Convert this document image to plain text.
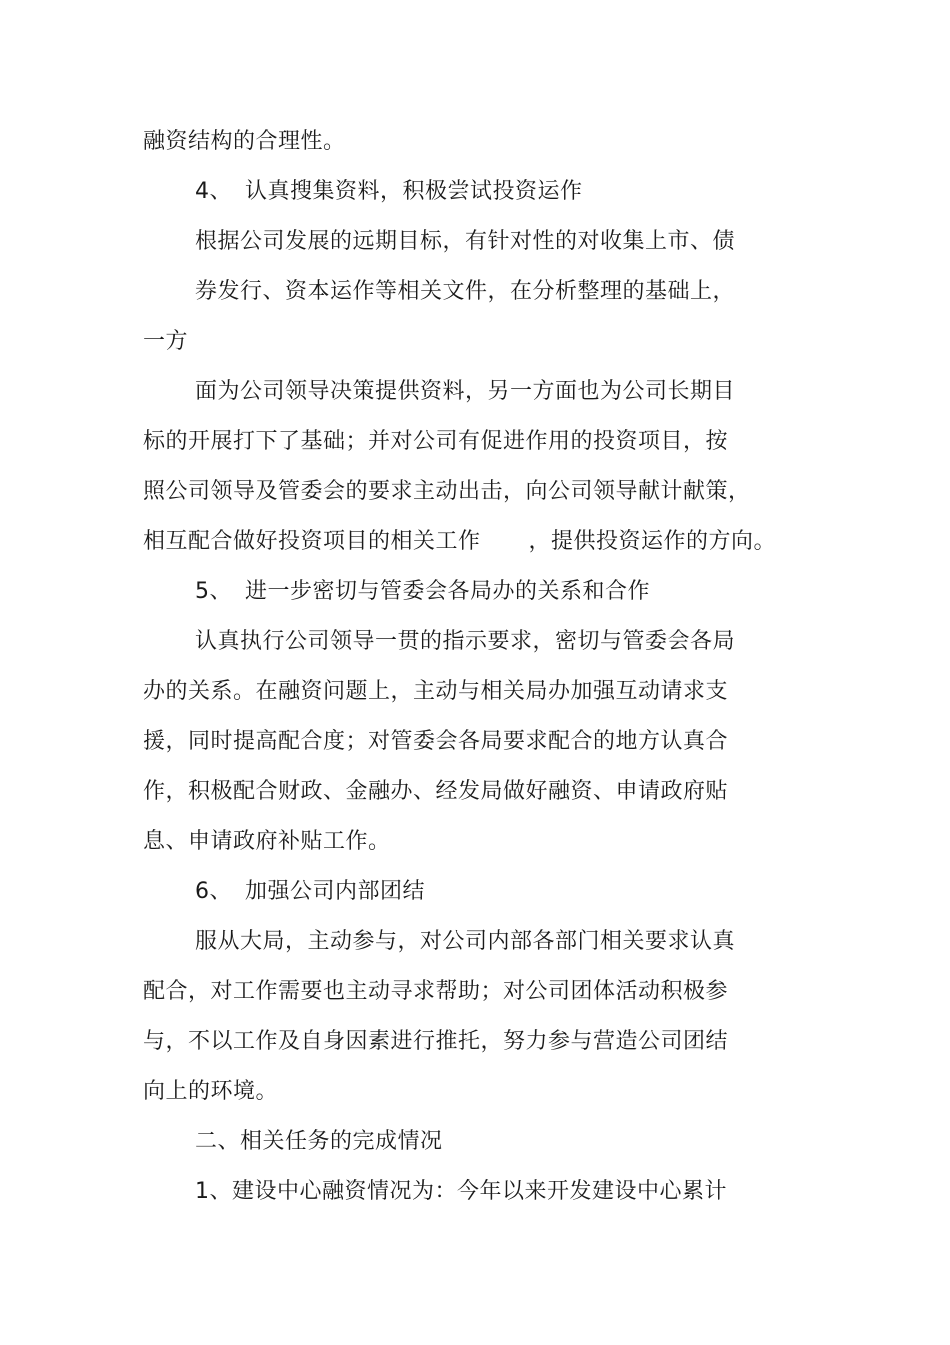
融资结构的合理性。
4、 认真搜集资料，积极尝试投资运作
根据公司发展的远期目标，有针对性的对收集上市、债
券发行、资本运作等相关文件，在分析整理的基础上，
一方
面为公司领导决策提供资料，另一方面也为公司长期目
标的开展打下了基础；并对公司有促进作用的投资项目，按
照公司领导及管委会的要求主动出击，向公司领导献计献策，
相互配合做好投资项目的相关工作 ，提供投资运作的方向。
5、 进一步密切与管委会各局办的关系和合作
认真执行公司领导一贯的指示要求，密切与管委会各局
办的关系。在融资问题上，主动与相关局办加强互动请求支
援，同时提高配合度；对管委会各局要求配合的地方认真合
作，积极配合财政、金融办、经发局做好融资、申请政府贴
息、申请政府补贴工作。
6、 加强公司内部团结
服从大局，主动参与，对公司内部各部门相关要求认真
配合，对工作需要也主动寻求帮助；对公司团体活动积极参
与，不以工作及自身因素进行推托，努力参与营造公司团结
向上的环境。
二、相关任务的完成情况
1、建设中心融资情况为：今年以来开发建设中心累计
